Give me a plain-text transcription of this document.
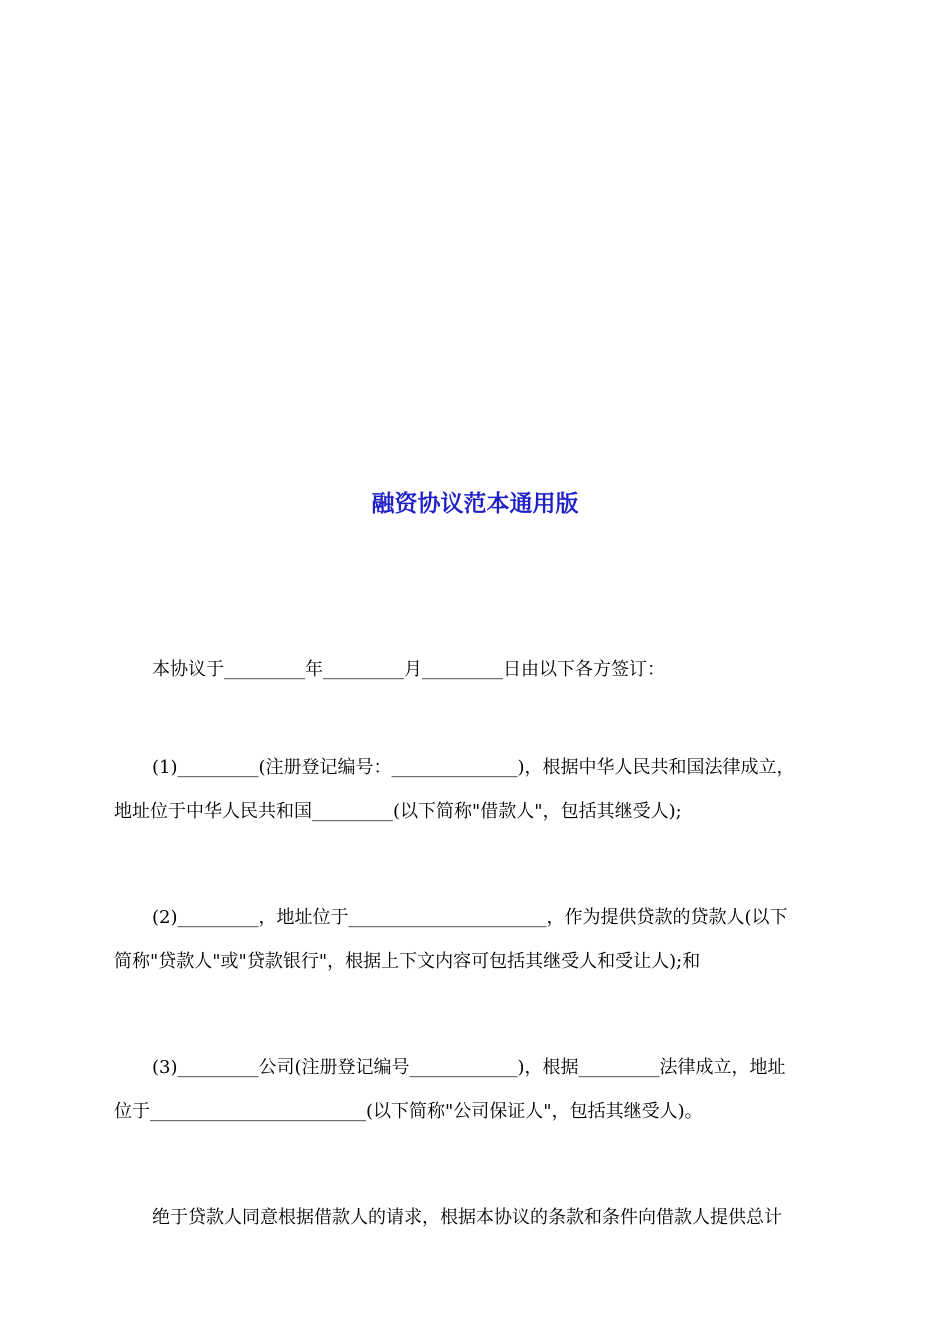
融资协议范本通用版
本协议于_________年_________月_________日由以下各方签订：
(1)_________(注册登记编号：______________)，根据中华人民共和国法律成立，
地址位于中华人民共和国_________(以下简称"借款人"，包括其继受人);
(2)_________，地址位于______________________，作为提供贷款的贷款人(以下
简称"贷款人"或"贷款银行"，根据上下文内容可包括其继受人和受让人);和
(3)_________公司(注册登记编号____________)，根据_________法律成立，地址
位于________________________(以下简称"公司保证人"，包括其继受人)。
绝于贷款人同意根据借款人的请求，根据本协议的条款和条件向借款人提供总计
